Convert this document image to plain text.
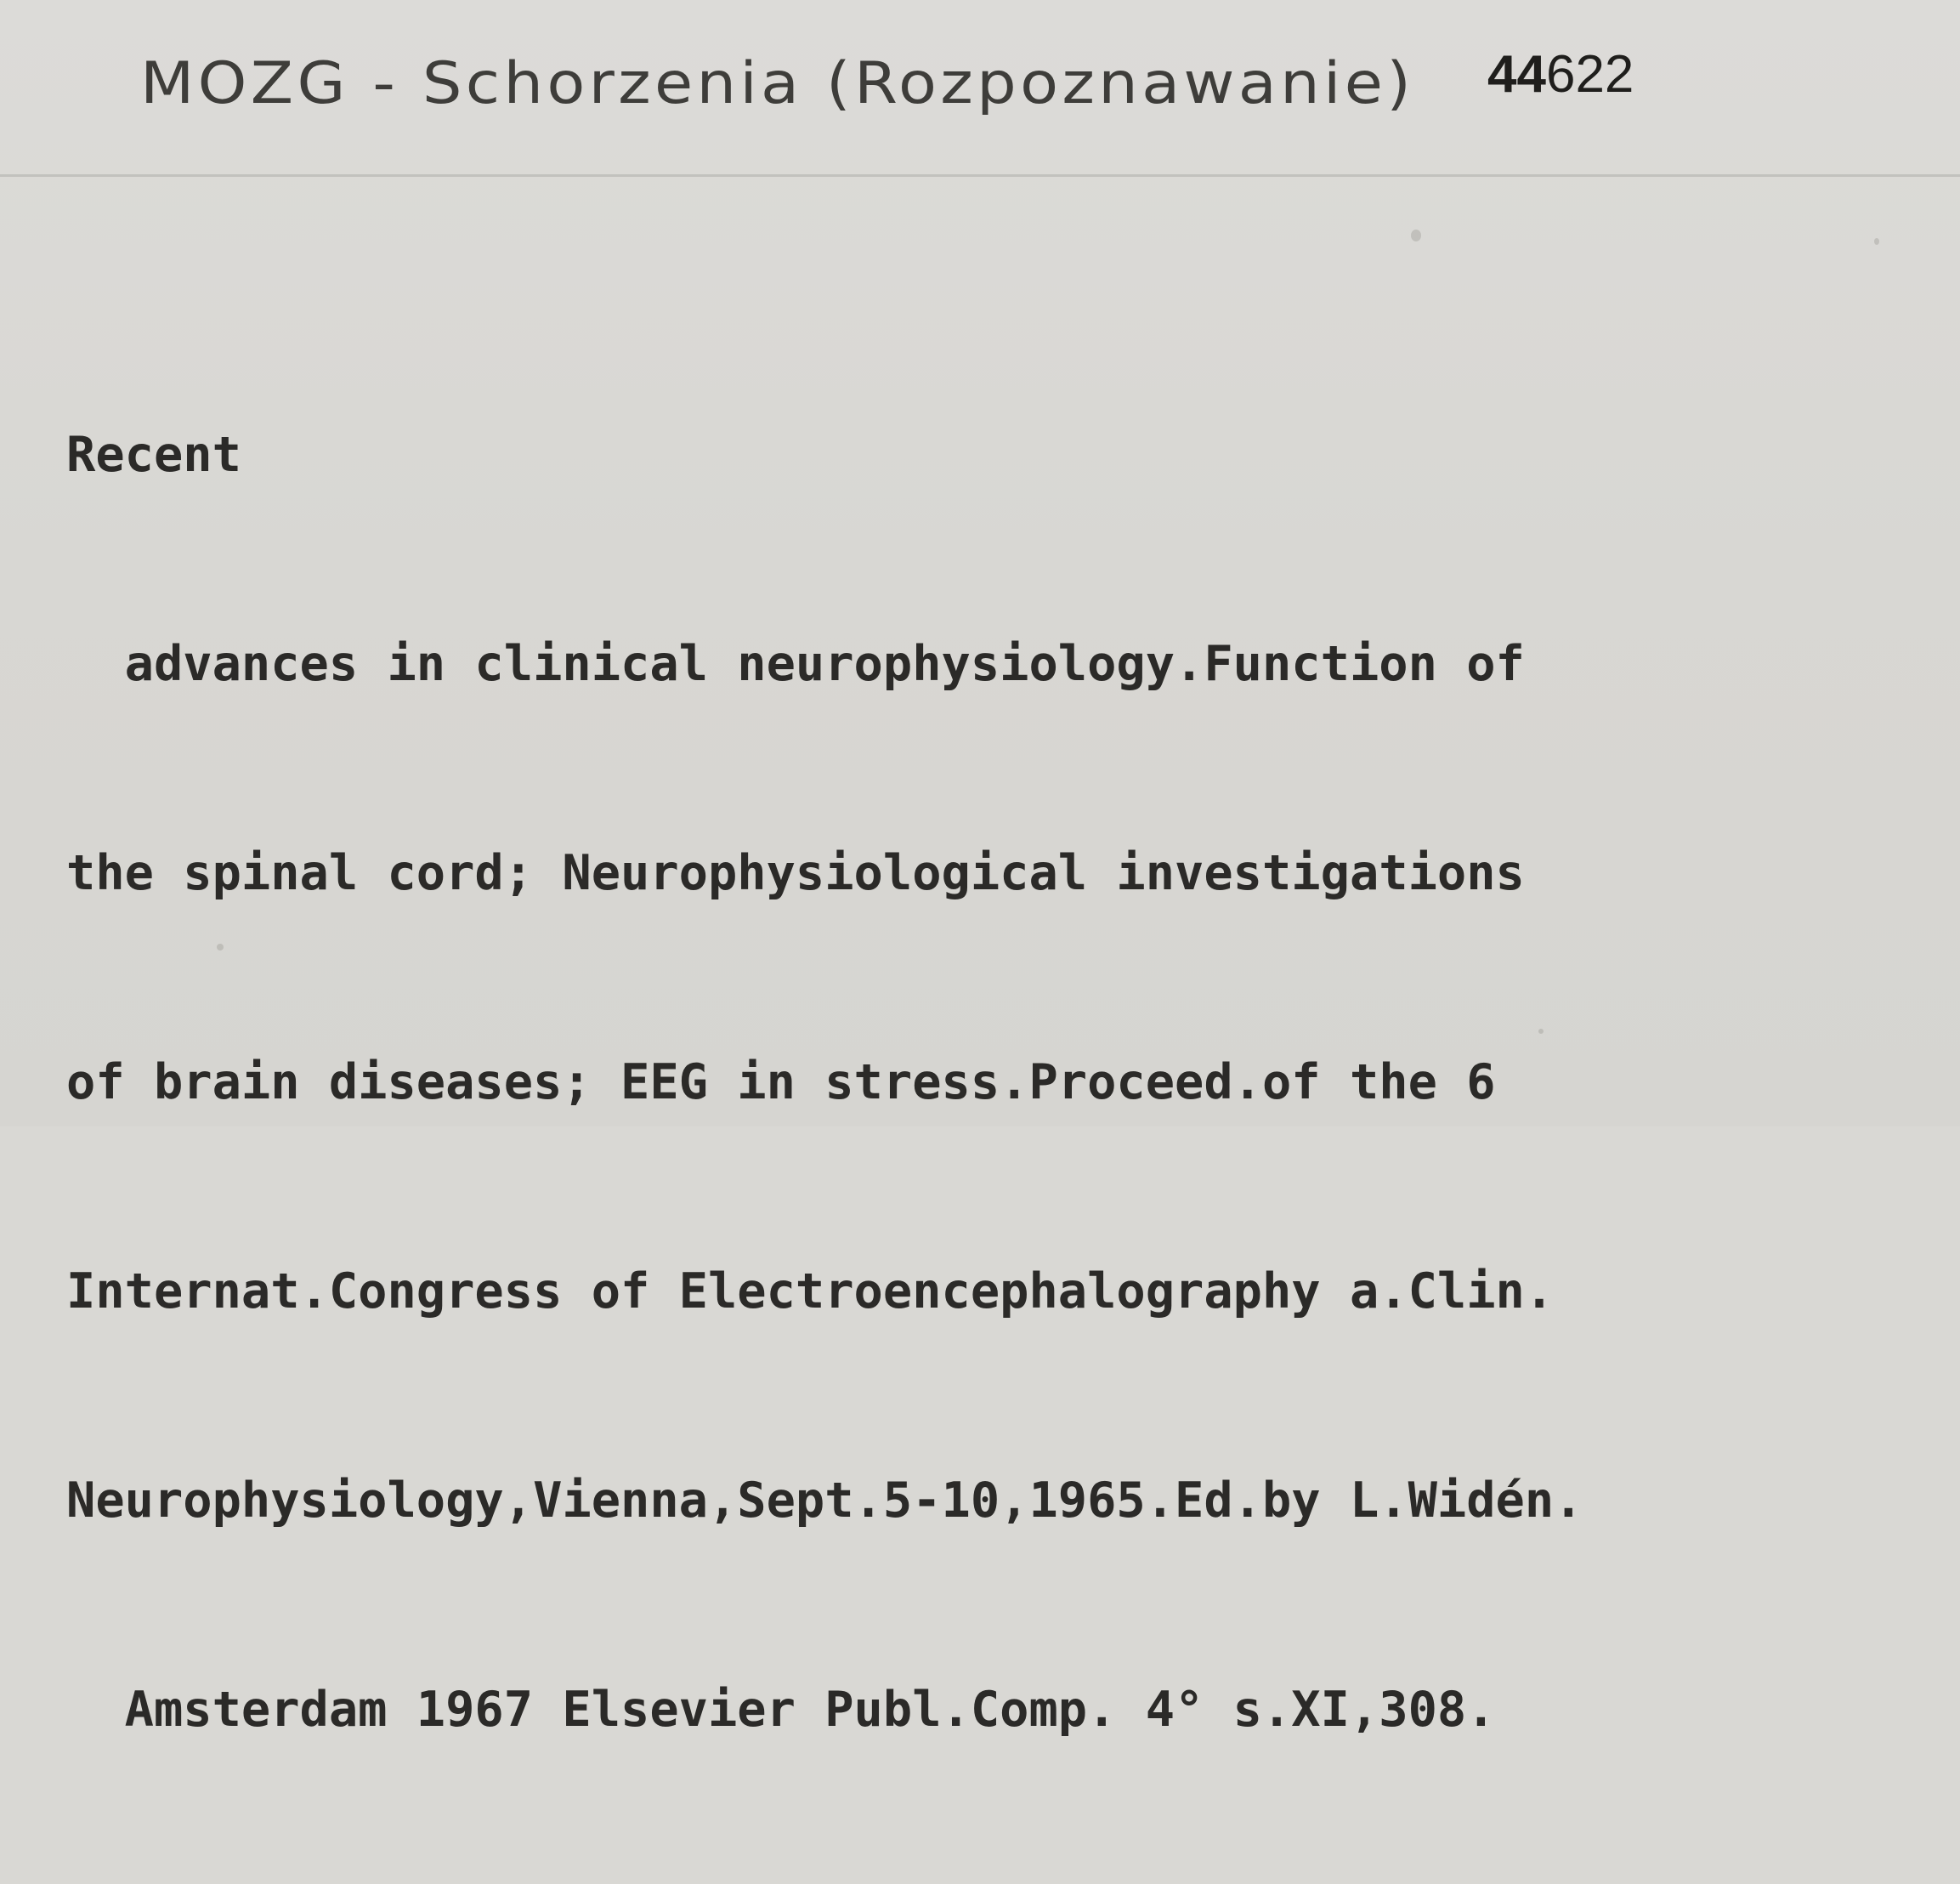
MOZG - Schorzenia (Rozpoznawanie) 44622

Recent

advances in clinical neurophysiology.Function of

the spinal cord; Neurophysiological investigations

of brain diseases; EEG in stress.Proceed.of the 6

Internat.Congress of Electroencephalography a.Clin.

Neurophysiology,Vienna,Sept.5-10,1965.Ed.by L.Widén.

Amsterdam 1967 Elsevier Publ.Comp. 4° s.XI,308.
